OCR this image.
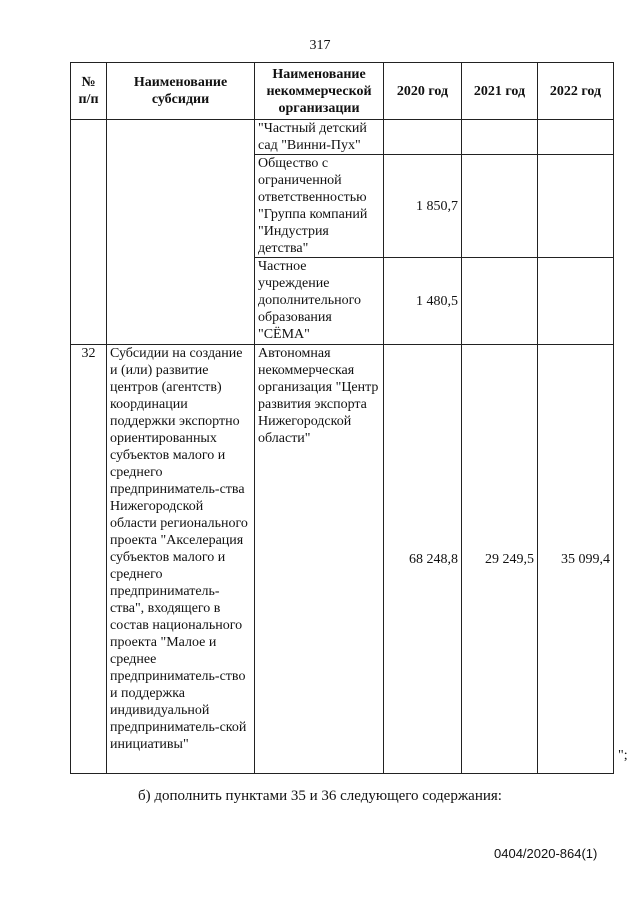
317
№ п/п	Наименование субсидии	Наименование некоммерческой организации	2020 год	2021 год	2022 год
		"Частный детский сад "Винни-Пух"			
		Общество с ограниченной ответственностью "Группа компаний "Индустрия детства"	1 850,7		
		Частное учреждение дополнительного образования "СЁМА"	1 480,5		
32	Субсидии на создание и (или) развитие центров (агентств) координации поддержки экспортно ориентированных субъектов малого и среднего предприниматель-ства Нижегородской области регионального проекта "Акселерация субъектов малого и среднего предприниматель-ства", входящего в состав национального проекта "Малое и среднее предприниматель-ство и поддержка индивидуальной предприниматель-ской инициативы"	Автономная некоммерческая организация "Центр развития экспорта Нижегородской области"	68 248,8	29 249,5	35 099,4
";
б) дополнить пунктами 35 и 36 следующего содержания:
0404/2020-864(1)
